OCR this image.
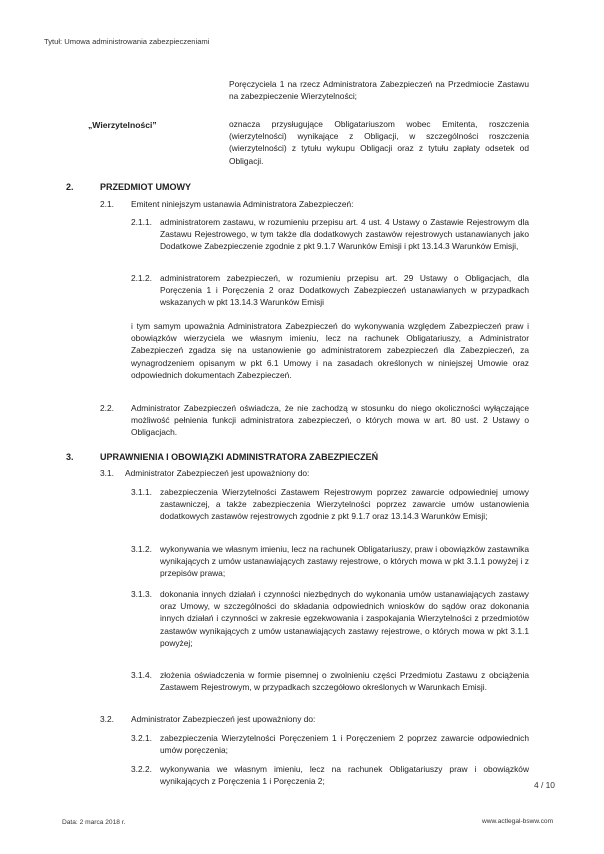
Tytuł: Umowa administrowania zabezpieczeniami
Poręczyciela 1 na rzecz Administratora Zabezpieczeń na Przedmiocie Zastawu na zabezpieczenie Wierzytelności;
„Wierzytelności”	oznacza przysługujące Obligatariuszom wobec Emitenta, roszczenia (wierzytelności) wynikające z Obligacji, w szczególności roszczenia (wierzytelności) z tytułu wykupu Obligacji oraz z tytułu zapłaty odsetek od Obligacji.
2.	PRZEDMIOT UMOWY
2.1. Emitent niniejszym ustanawia Administratora Zabezpieczeń:
2.1.1. administratorem zastawu, w rozumieniu przepisu art. 4 ust. 4 Ustawy o Zastawie Rejestrowym dla Zastawu Rejestrowego, w tym także dla dodatkowych zastawów rejestrowych ustanawianych jako Dodatkowe Zabezpieczenie zgodnie z pkt 9.1.7 Warunków Emisji i pkt 13.14.3 Warunków Emisji,
2.1.2. administratorem zabezpieczeń, w rozumieniu przepisu art. 29 Ustawy o Obligacjach, dla Poręczenia 1 i Poręczenia 2 oraz Dodatkowych Zabezpieczeń ustanawianych w przypadkach wskazanych w pkt 13.14.3 Warunków Emisji
i tym samym upoważnia Administratora Zabezpieczeń do wykonywania względem Zabezpieczeń praw i obowiązków wierzyciela we własnym imieniu, lecz na rachunek Obligatariuszy, a Administrator Zabezpieczeń zgadza się na ustanowienie go administratorem zabezpieczeń dla Zabezpieczeń, za wynagrodzeniem opisanym w pkt 6.1 Umowy i na zasadach określonych w niniejszej Umowie oraz odpowiednich dokumentach Zabezpieczeń.
2.2. Administrator Zabezpieczeń oświadcza, że nie zachodzą w stosunku do niego okoliczności wyłączające możliwość pełnienia funkcji administratora zabezpieczeń, o których mowa w art. 80 ust. 2 Ustawy o Obligacjach.
3.	UPRAWNIENIA I OBOWIĄZKI ADMINISTRATORA ZABEZPIECZEŃ
3.1. Administrator Zabezpieczeń jest upoważniony do:
3.1.1. zabezpieczenia Wierzytelności Zastawem Rejestrowym poprzez zawarcie odpowiedniej umowy zastawniczej, a także zabezpieczenia Wierzytelności poprzez zawarcie umów ustanowienia dodatkowych zastawów rejestrowych zgodnie z pkt 9.1.7 oraz 13.14.3 Warunków Emisji;
3.1.2. wykonywania we własnym imieniu, lecz na rachunek Obligatariuszy, praw i obowiązków zastawnika wynikających z umów ustanawiających zastawy rejestrowe, o których mowa w pkt 3.1.1 powyżej i z przepisów prawa;
3.1.3. dokonania innych działań i czynności niezbędnych do wykonania umów ustanawiających zastawy oraz Umowy, w szczególności do składania odpowiednich wniosków do sądów oraz dokonania innych działań i czynności w zakresie egzekwowania i zaspokajania Wierzytelności z przedmiotów zastawów wynikających z umów ustanawiających zastawy rejestrowe, o których mowa w pkt 3.1.1 powyżej;
3.1.4. złożenia oświadczenia w formie pisemnej o zwolnieniu części Przedmiotu Zastawu z obciążenia Zastawem Rejestrowym, w przypadkach szczegółowo określonych w Warunkach Emisji.
3.2. Administrator Zabezpieczeń jest upoważniony do:
3.2.1. zabezpieczenia Wierzytelności Poręczeniem 1 i Poręczeniem 2 poprzez zawarcie odpowiednich umów poręczenia;
3.2.2. wykonywania we własnym imieniu, lecz na rachunek Obligatariuszy praw i obowiązków wynikających z Poręczenia 1 i Poręczenia 2;	4 / 10
Data: 2 marca 2018 r.	www.actlegal-bsww.com
